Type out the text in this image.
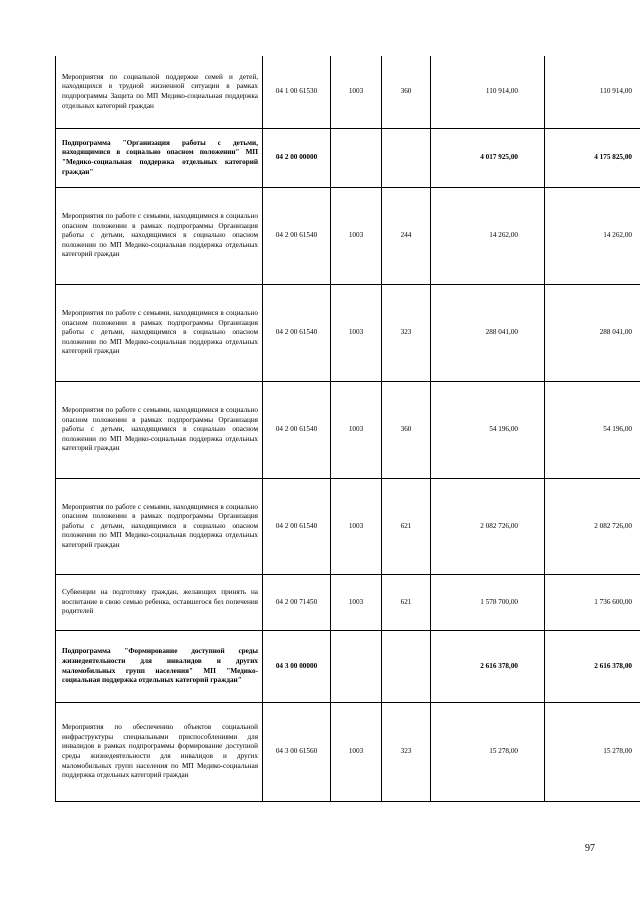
Мероприятия по социальной поддержке семей и детей, находящихся в трудной жизненной ситуации в рамках подпрограммы Защита по МП Медико-социальная поддержка отдельных категорий граждан	04 1 00 61530	1003	360	110 914,00	110 914,00
Подпрограмма "Организация работы с детьми, находящимися в социально опасном положении" МП "Медико-социальная поддержка отдельных категорий граждан"	04 2 00 00000			4 017 925,00	4 175 825,00
Мероприятия по работе с семьями, находящимися в социально опасном положении в рамках подпрограммы Организация работы с детьми, находящимися в социально опасном положении по МП Медико-социальная поддержка отдельных категорий граждан	04 2 00 61540	1003	244	14 262,00	14 262,00
Мероприятия по работе с семьями, находящимися в социально опасном положении в рамках подпрограммы Организация работы с детьми, находящимися в социально опасном положении по МП Медико-социальная поддержка отдельных категорий граждан	04 2 00 61540	1003	323	288 041,00	288 041,00
Мероприятия по работе с семьями, находящимися в социально опасном положении в рамках подпрограммы Организация работы с детьми, находящимися в социально опасном положении по МП Медико-социальная поддержка отдельных категорий граждан	04 2 00 61540	1003	360	54 196,00	54 196,00
Мероприятия по работе с семьями, находящимися в социально опасном положении в рамках подпрограммы Организация работы с детьми, находящимися в социально опасном положении по МП Медико-социальная поддержка отдельных категорий граждан	04 2 00 61540	1003	621	2 082 726,00	2 082 726,00
Субвенции на подготовку граждан, желающих принять на воспитание в свою семью ребенка, оставшегося без попечения родителей	04 2 00 71450	1003	621	1 578 700,00	1 736 600,00
Подпрограмма "Формирование доступной среды жизнедеятельности для инвалидов и других маломобильных групп населения" МП "Медико-социальная поддержка отдельных категорий граждан"	04 3 00 00000			2 616 378,00	2 616 378,00
Мероприятия по обеспечению объектов социальной инфраструктуры специальными приспособлениями для инвалидов в рамках подпрограммы формирование доступной среды жизнедеятельности для инвалидов и других маломобильных групп населения по МП Медико-социальная поддержка отдельных категорий граждан	04 3 00 61560	1003	323	15 278,00	15 278,00
97
